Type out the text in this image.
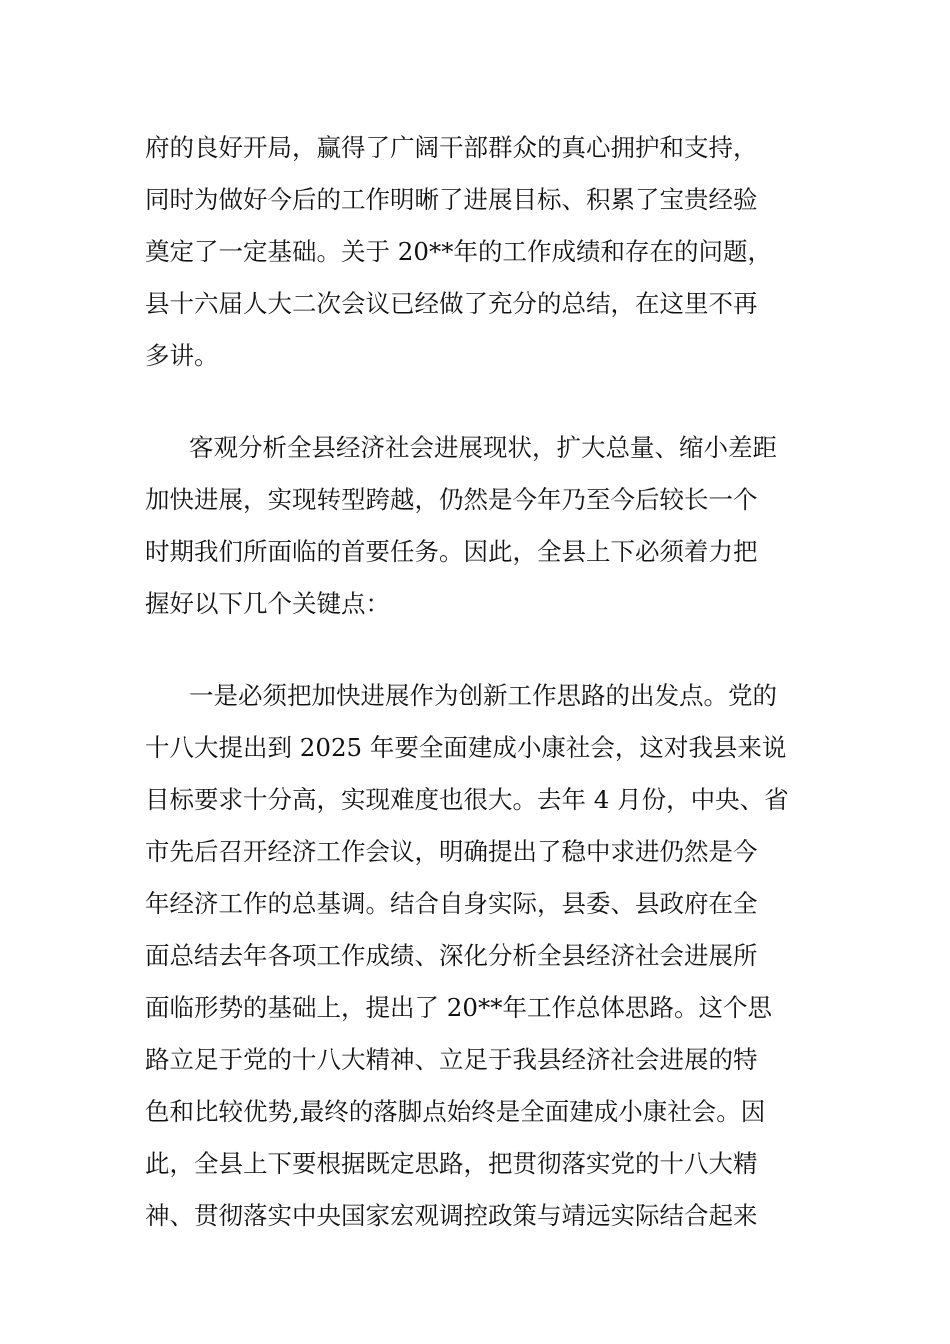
府的良好开局，赢得了广阔干部群众的真心拥护和支持，
同时为做好今后的工作明晰了进展目标、积累了宝贵经验
奠定了一定基础。关于 20**年的工作成绩和存在的问题，
县十六届人大二次会议已经做了充分的总结，在这里不再
多讲。
客观分析全县经济社会进展现状，扩大总量、缩小差距
加快进展，实现转型跨越，仍然是今年乃至今后较长一个
时期我们所面临的首要任务。因此，全县上下必须着力把
握好以下几个关键点：
一是必须把加快进展作为创新工作思路的出发点。党的
十八大提出到 2025 年要全面建成小康社会，这对我县来说
目标要求十分高，实现难度也很大。去年 4 月份，中央、省
市先后召开经济工作会议，明确提出了稳中求进仍然是今
年经济工作的总基调。结合自身实际，县委、县政府在全
面总结去年各项工作成绩、深化分析全县经济社会进展所
面临形势的基础上，提出了 20**年工作总体思路。这个思
路立足于党的十八大精神、立足于我县经济社会进展的特
色和比较优势,最终的落脚点始终是全面建成小康社会。因
此，全县上下要根据既定思路，把贯彻落实党的十八大精
神、贯彻落实中央国家宏观调控政策与靖远实际结合起来
